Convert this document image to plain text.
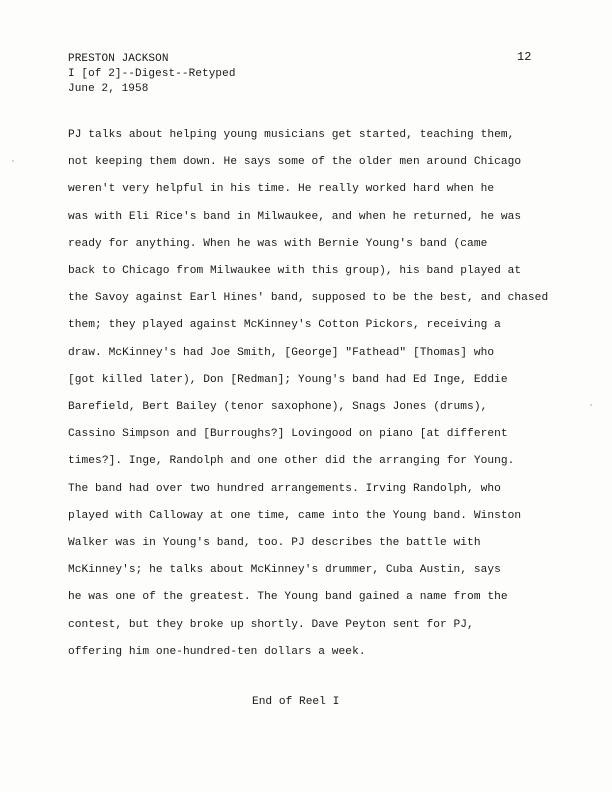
PRESTON JACKSON
I [of 2]--Digest--Retyped
June 2, 1958
12
PJ talks about helping young musicians get started, teaching them,
not keeping them down. He says some of the older men around Chicago
weren't very helpful in his time. He really worked hard when he
was with Eli Rice's band in Milwaukee, and when he returned, he was
ready for anything. When he was with Bernie Young's band (came
back to Chicago from Milwaukee with this group), his band played at
the Savoy against Earl Hines' band, supposed to be the best, and chased
them; they played against McKinney's Cotton Pickors, receiving a
draw. McKinney's had Joe Smith, [George] "Fathead" [Thomas] who
[got killed later), Don [Redman]; Young's band had Ed Inge, Eddie
Barefield, Bert Bailey (tenor saxophone), Snags Jones (drums),
Cassino Simpson and [Burroughs?] Lovingood on piano [at different
times?]. Inge, Randolph and one other did the arranging for Young.
The band had over two hundred arrangements. Irving Randolph, who
played with Calloway at one time, came into the Young band. Winston
Walker was in Young's band, too. PJ describes the battle with
McKinney's; he talks about McKinney's drummer, Cuba Austin, says
he was one of the greatest. The Young band gained a name from the
contest, but they broke up shortly. Dave Peyton sent for PJ,
offering him one-hundred-ten dollars a week.
End of Reel I
